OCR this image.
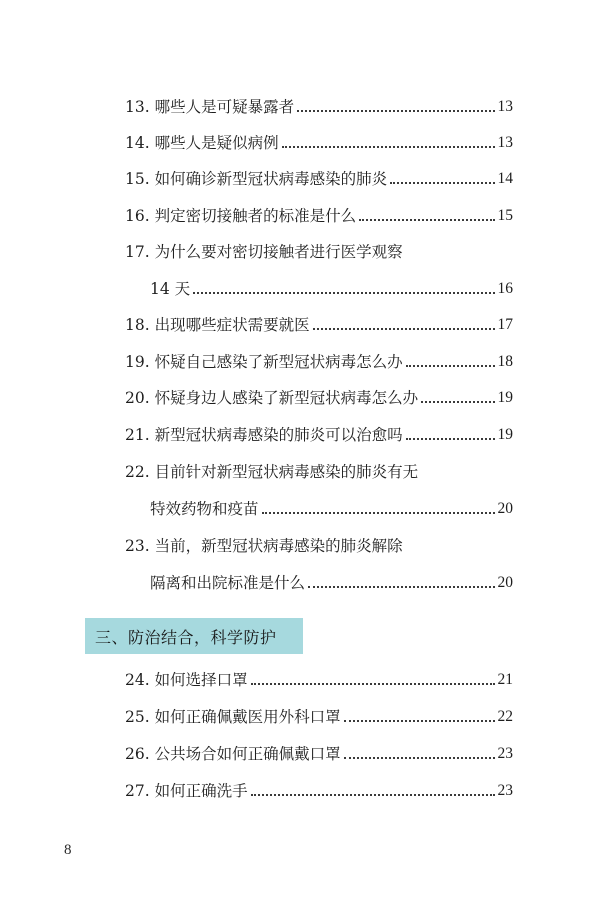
13. 哪些人是可疑暴露者	13
14. 哪些人是疑似病例	13
15. 如何确诊新型冠状病毒感染的肺炎	14
16. 判定密切接触者的标准是什么	15
17. 为什么要对密切接触者进行医学观察
14 天	16
18. 出现哪些症状需要就医	17
19. 怀疑自己感染了新型冠状病毒怎么办	18
20. 怀疑身边人感染了新型冠状病毒怎么办	19
21. 新型冠状病毒感染的肺炎可以治愈吗	19
22. 目前针对新型冠状病毒感染的肺炎有无
特效药物和疫苗	20
23. 当前，新型冠状病毒感染的肺炎解除
隔离和出院标准是什么	20
三、防治结合，科学防护
24. 如何选择口罩	21
25. 如何正确佩戴医用外科口罩	22
26. 公共场合如何正确佩戴口罩	23
27. 如何正确洗手	23
8
